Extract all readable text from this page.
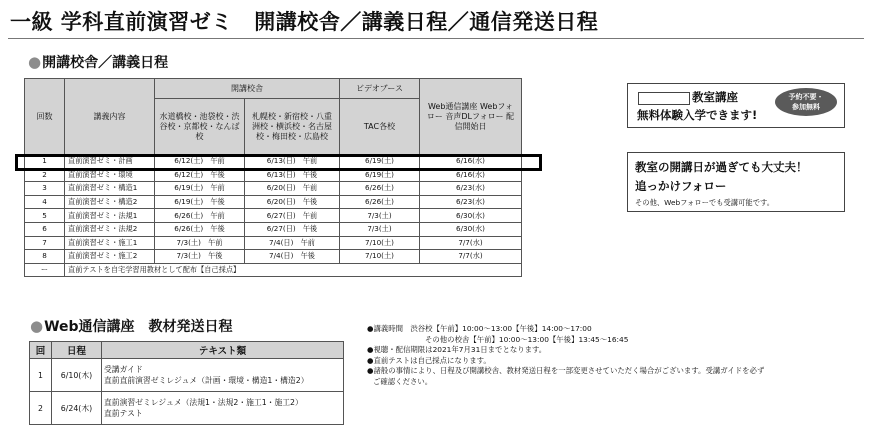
一級 学科直前演習ゼミ　開講校舎／講義日程／通信発送日程
●開講校舎／講義日程
回数	講義内容	開講校舎		ビデオブース	Web通信講座 Webフォロー 音声DLフォロー 配信開始日
		水道橋校・池袋校・渋谷校・京都校・なんば校	札幌校・新宿校・八重洲校・横浜校・名古屋校・梅田校・広島校	TAC各校	
1	直前演習ゼミ・計画	6/12(土)　午前	6/13(日)　午前	6/19(土)	6/16(水)
2	直前演習ゼミ・環境	6/12(土)　午後	6/13(日)　午後	6/19(土)	6/16(水)
3	直前演習ゼミ・構造1	6/19(土)　午前	6/20(日)　午前	6/26(土)	6/23(水)
4	直前演習ゼミ・構造2	6/19(土)　午後	6/20(日)　午後	6/26(土)	6/23(水)
5	直前演習ゼミ・法規1	6/26(土)　午前	6/27(日)　午前	7/3(土)	6/30(水)
6	直前演習ゼミ・法規2	6/26(土)　午後	6/27(日)　午後	7/3(土)	6/30(水)
7	直前演習ゼミ・施工1	7/3(土)　午前	7/4(日)　午前	7/10(土)	7/7(水)
8	直前演習ゼミ・施工2	7/3(土)　午後	7/4(日)　午後	7/10(土)	7/7(水)
ー	直前テストを自宅学習用教材として配布【自己採点】				
教室講座
無料体験入学できます!
予約不要・
参加無料
教室の開講日が過ぎても大丈夫！
追っかけフォロー
その他、Webフォローでも受講可能です。
●Web通信講座　教材発送日程
回	日程	テキスト類
1	6/10(木)	受講ガイド
直前直前演習ゼミレジュメ（計画・環境・構造1・構造2）

2	6/24(木)	直前演習ゼミレジュメ（法規1・法規2・施工1・施工2）
直前テスト

●講義時間　渋谷校【午前】10:00～13:00【午後】14:00～17:00

その他の校舎【午前】10:00～13:00【午後】13:45～16:45

●視聴・配信期限は2021年7月31日までとなります。

●直前テストは自己採点になります。

●諸般の事情により、日程及び開講校舎、教材発送日程を一部変更させていただく場合がございます。受講ガイドを必ず

ご確認ください。
